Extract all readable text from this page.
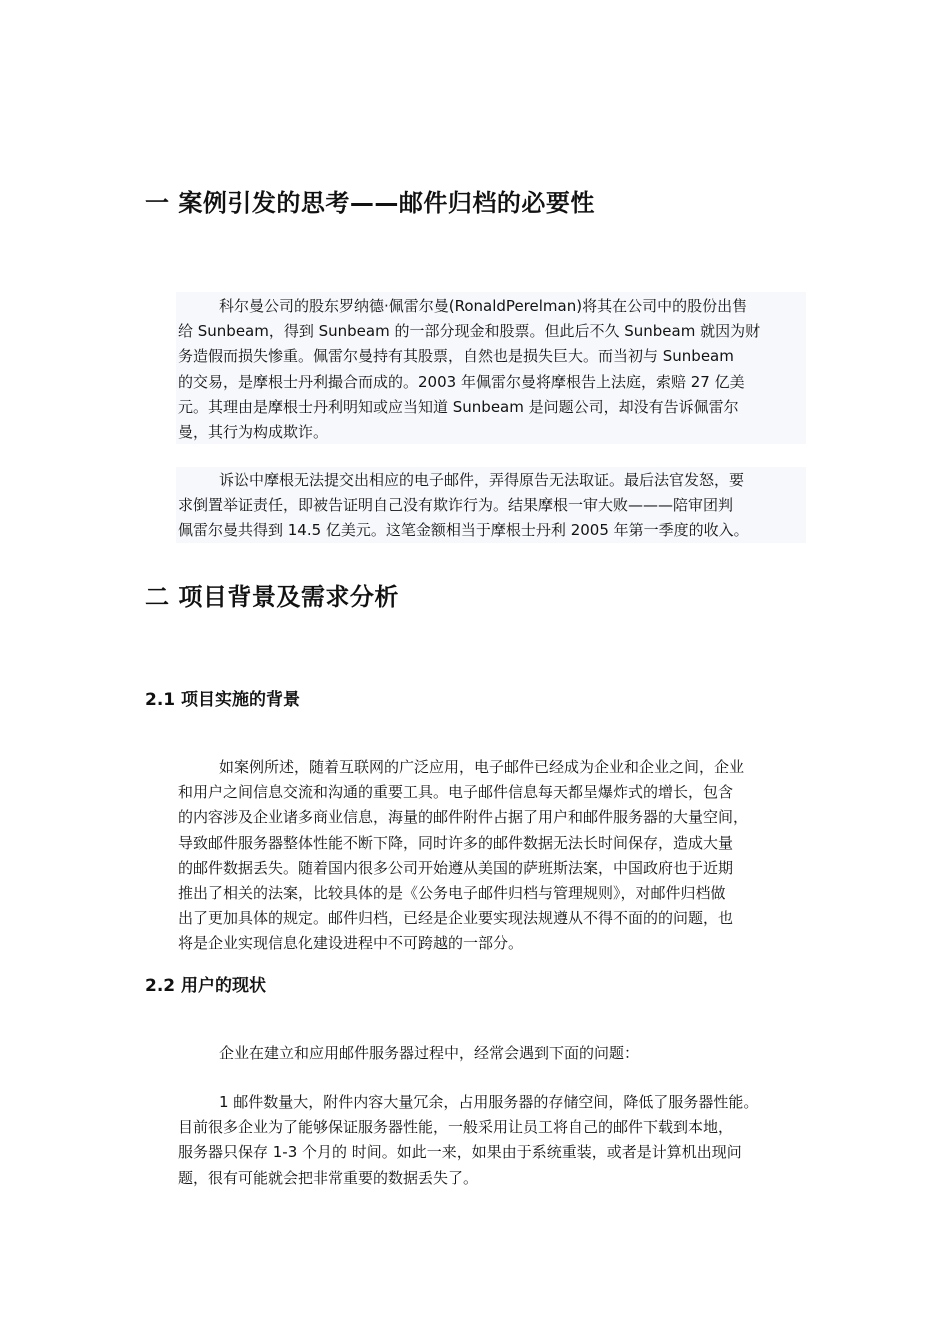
一 案例引发的思考——邮件归档的必要性
科尔曼公司的股东罗纳德·佩雷尔曼(RonaldPerelman)将其在公司中的股份出售
给 Sunbeam，得到 Sunbeam 的一部分现金和股票。但此后不久 Sunbeam 就因为财
务造假而损失惨重。佩雷尔曼持有其股票，自然也是损失巨大。而当初与 Sunbeam
的交易，是摩根士丹利撮合而成的。2003 年佩雷尔曼将摩根告上法庭，索赔 27 亿美
元。其理由是摩根士丹利明知或应当知道 Sunbeam 是问题公司，却没有告诉佩雷尔
曼，其行为构成欺诈。
诉讼中摩根无法提交出相应的电子邮件，弄得原告无法取证。最后法官发怒，要
求倒置举证责任，即被告证明自己没有欺诈行为。结果摩根一审大败———陪审团判
佩雷尔曼共得到 14.5 亿美元。这笔金额相当于摩根士丹利 2005 年第一季度的收入。
二 项目背景及需求分析
2.1 项目实施的背景
如案例所述，随着互联网的广泛应用，电子邮件已经成为企业和企业之间，企业
和用户之间信息交流和沟通的重要工具。电子邮件信息每天都呈爆炸式的增长，包含
的内容涉及企业诸多商业信息，海量的邮件附件占据了用户和邮件服务器的大量空间，
导致邮件服务器整体性能不断下降，同时许多的邮件数据无法长时间保存，造成大量
的邮件数据丢失。随着国内很多公司开始遵从美国的萨班斯法案，中国政府也于近期
推出了相关的法案，比较具体的是《公务电子邮件归档与管理规则》，对邮件归档做
出了更加具体的规定。邮件归档，已经是企业要实现法规遵从不得不面的的问题，也
将是企业实现信息化建设进程中不可跨越的一部分。
2.2 用户的现状
企业在建立和应用邮件服务器过程中，经常会遇到下面的问题：
1 邮件数量大，附件内容大量冗余，占用服务器的存储空间，降低了服务器性能。
目前很多企业为了能够保证服务器性能，一般采用让员工将自己的邮件下载到本地，
服务器只保存 1-3 个月的 时间。如此一来，如果由于系统重装，或者是计算机出现问
题，很有可能就会把非常重要的数据丢失了。
